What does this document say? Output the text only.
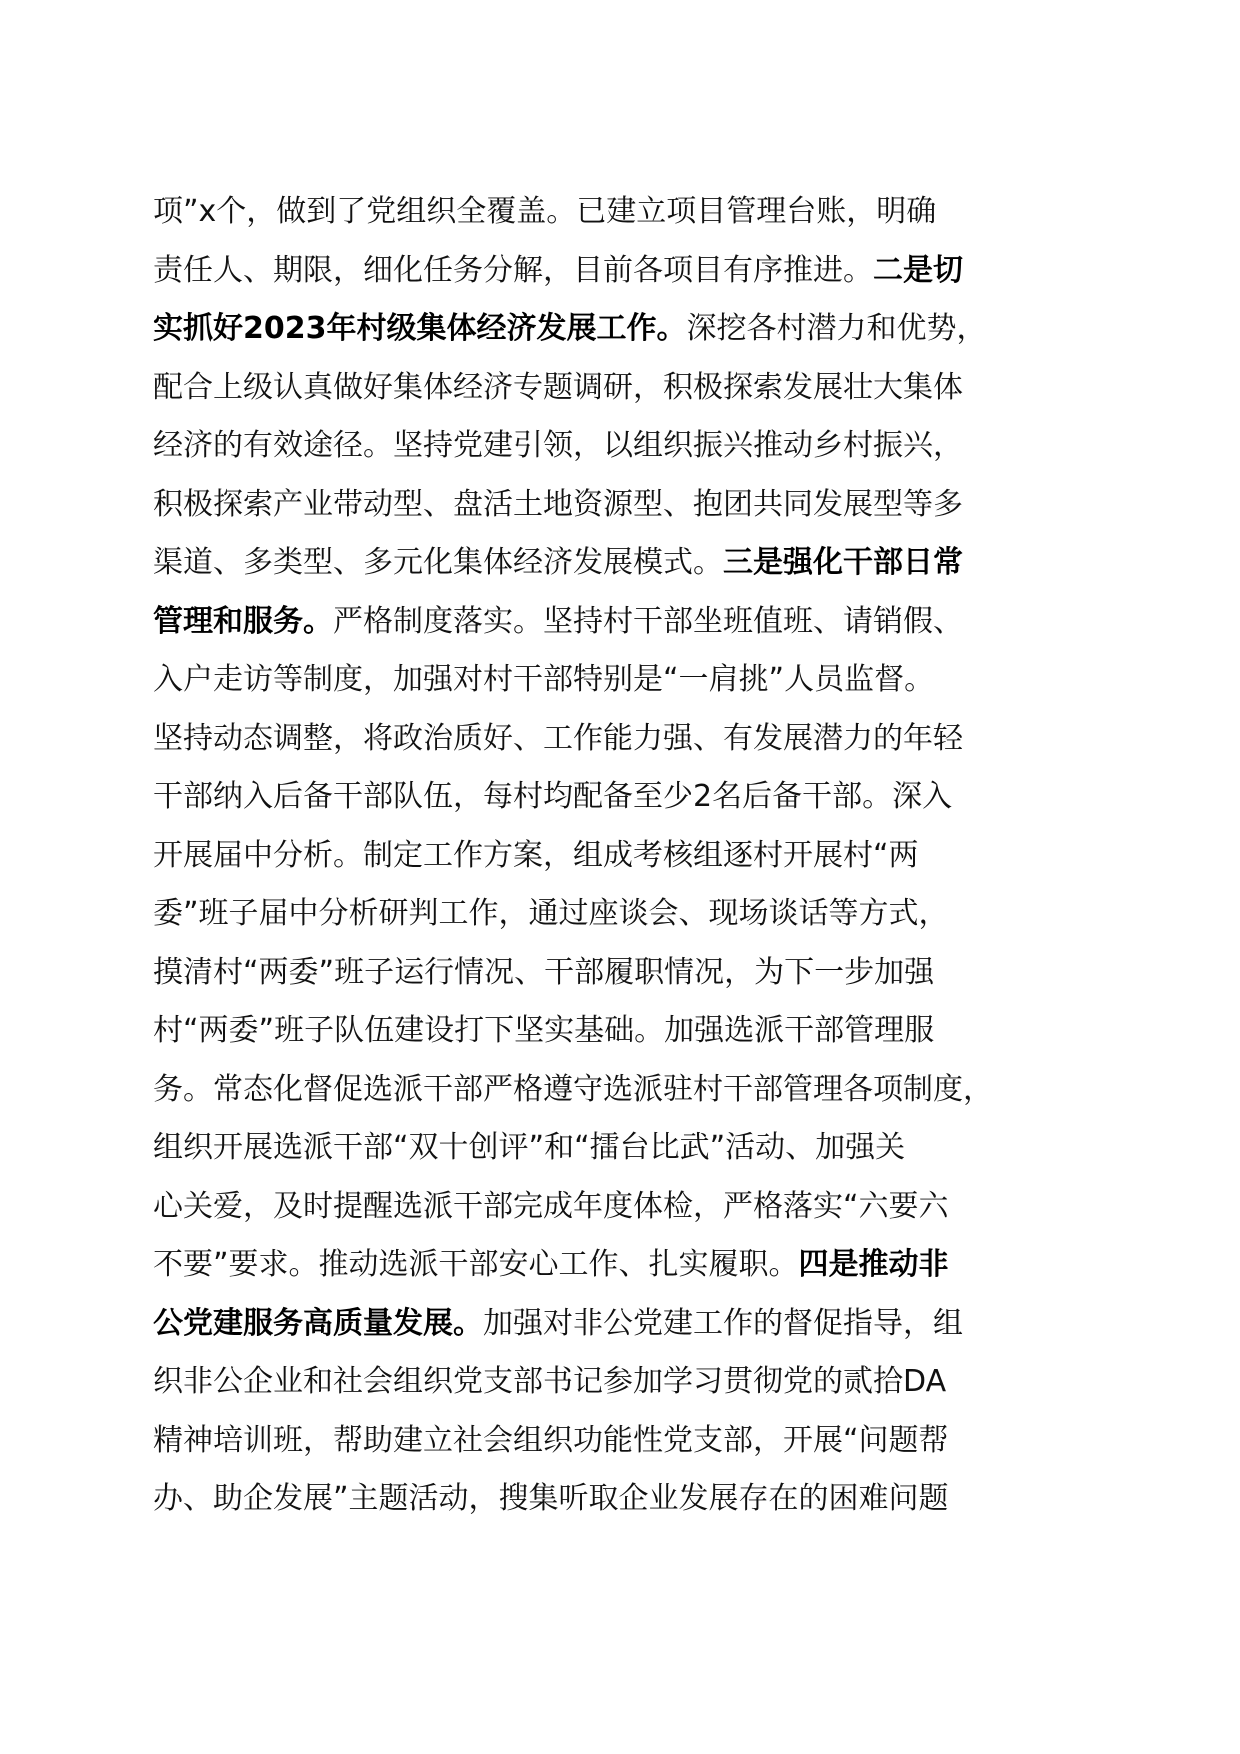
项”x个，做到了党组织全覆盖。已建立项目管理台账，明确
责任人、期限，细化任务分解，目前各项目有序推进。二是切
实抓好2023年村级集体经济发展工作。深挖各村潜力和优势，
配合上级认真做好集体经济专题调研，积极探索发展壮大集体
经济的有效途径。坚持党建引领，以组织振兴推动乡村振兴，
积极探索产业带动型、盘活土地资源型、抱团共同发展型等多
渠道、多类型、多元化集体经济发展模式。三是强化干部日常
管理和服务。严格制度落实。坚持村干部坐班值班、请销假、
入户走访等制度，加强对村干部特别是“一肩挑”人员监督。
坚持动态调整，将政治质好、工作能力强、有发展潜力的年轻
干部纳入后备干部队伍，每村均配备至少2名后备干部。深入
开展届中分析。制定工作方案，组成考核组逐村开展村“两
委”班子届中分析研判工作，通过座谈会、现场谈话等方式，
摸清村“两委”班子运行情况、干部履职情况，为下一步加强
村“两委”班子队伍建设打下坚实基础。加强选派干部管理服
务。常态化督促选派干部严格遵守选派驻村干部管理各项制度，
组织开展选派干部“双十创评”和“擂台比武”活动、加强关
心关爱，及时提醒选派干部完成年度体检，严格落实“六要六
不要”要求。推动选派干部安心工作、扎实履职。四是推动非
公党建服务高质量发展。加强对非公党建工作的督促指导，组
织非公企业和社会组织党支部书记参加学习贯彻党的贰拾DA
精神培训班，帮助建立社会组织功能性党支部，开展“问题帮
办、助企发展”主题活动，搜集听取企业发展存在的困难问题
